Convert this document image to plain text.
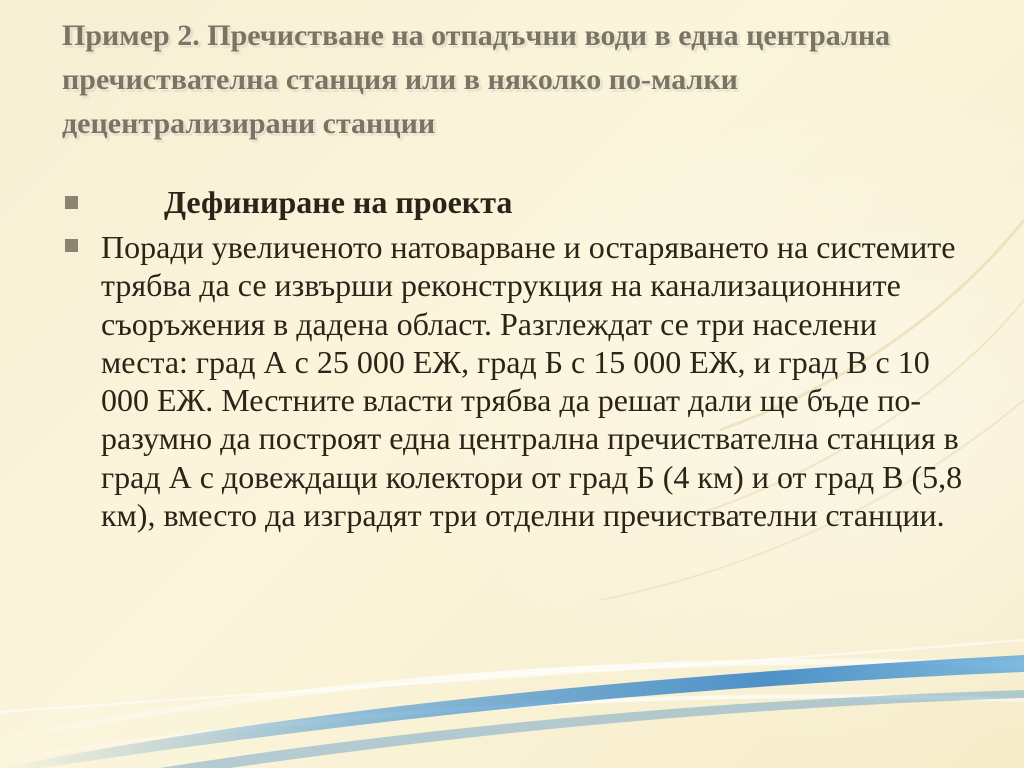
Пример 2. Пречистване на отпадъчни води в една централна пречиствателна станция или в няколко по-малки децентрализирани станции
Дефиниране на проекта
Поради увеличеното натоварване и остаряването на системите трябва да се извърши реконструкция на канализационните съоръжения в дадена област. Разглеждат се три населени места: град А с 25 000 ЕЖ, град Б с 15 000 ЕЖ, и град В с 10 000 ЕЖ. Местните власти трябва да решат дали ще бъде по-разумно да построят една централна пречиствателна станция в град А с довеждащи колектори от град Б (4 км) и от град В (5,8 км), вместо да изградят три отделни пречиствателни станции.
